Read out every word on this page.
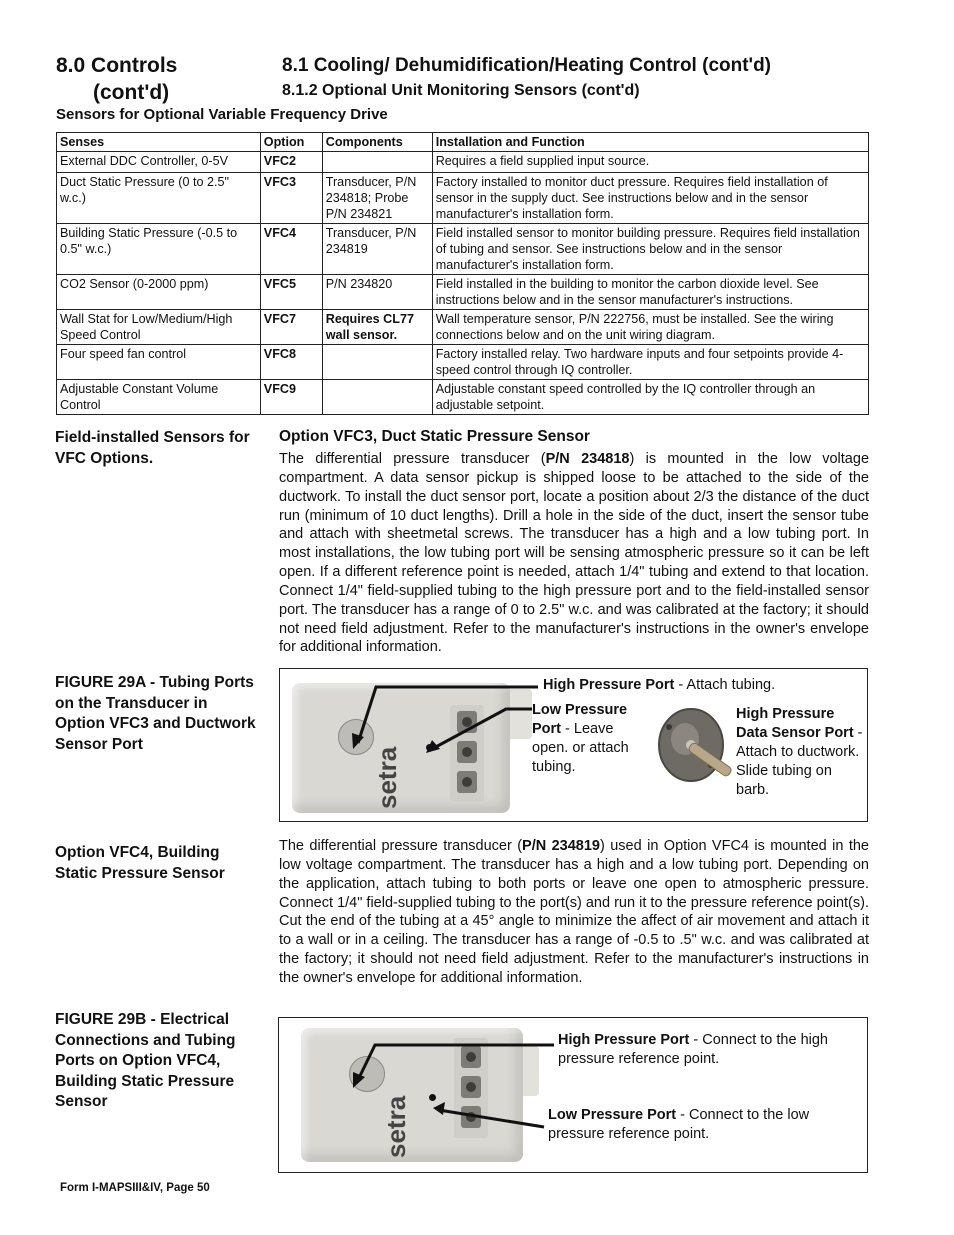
8.0 Controls
(cont'd)
8.1 Cooling/ Dehumidification/Heating Control (cont'd)
8.1.2 Optional Unit Monitoring Sensors (cont'd)
Sensors for Optional Variable Frequency Drive
Senses	Option	Components	Installation and Function
External DDC Controller, 0-5V	VFC2		Requires a field supplied input source.
Duct Static Pressure (0 to 2.5" w.c.)	VFC3	Transducer, P/N 234818; Probe P/N 234821	Factory installed to monitor duct pressure. Requires field installation of sensor in the supply duct. See instructions below and in the sensor manufacturer's installation form.
Building Static Pressure (-0.5 to 0.5" w.c.)	VFC4	Transducer, P/N 234819	Field installed sensor to monitor building pressure. Requires field installation of tubing and sensor. See instructions below and in the sensor manufacturer's installation form.
CO2 Sensor (0-2000 ppm)	VFC5	P/N 234820	Field installed in the building to monitor the carbon dioxide level. See instructions below and in the sensor manufacturer's instructions.
Wall Stat for Low/Medium/High Speed Control	VFC7	Requires CL77 wall sensor.	Wall temperature sensor, P/N 222756, must be installed. See the wiring connections below and on the unit wiring diagram.
Four speed fan control	VFC8		Factory installed relay. Two hardware inputs and four setpoints provide 4-speed control through IQ controller.
Adjustable Constant Volume Control	VFC9		Adjustable constant speed controlled by the IQ controller through an adjustable setpoint.
Field-installed Sensors for VFC Options.
FIGURE 29A - Tubing Ports on the Transducer in Option VFC3 and Ductwork Sensor Port
Option VFC4, Building Static Pressure Sensor
FIGURE 29B - Electrical Connections and Tubing Ports on Option VFC4, Building Static Pressure Sensor
Option VFC3, Duct Static Pressure Sensor
The differential pressure transducer (P/N 234818) is mounted in the low voltage compartment. A data sensor pickup is shipped loose to be attached to the side of the ductwork. To install the duct sensor port, locate a position about 2/3 the distance of the duct run (minimum of 10 duct lengths). Drill a hole in the side of the duct, insert the sensor tube and attach with sheetmetal screws. The transducer has a high and a low tubing port. In most installations, the low tubing port will be sensing atmospheric pressure so it can be left open. If a different reference point is needed, attach 1/4" tubing and extend to that location. Connect 1/4" field-supplied tubing to the high pressure port and to the field-installed sensor port. The transducer has a range of 0 to 2.5" w.c. and was calibrated at the factory; it should not need field adjustment. Refer to the manufacturer's instructions in the owner's envelope for additional information.
setra
High Pressure Port - Attach tubing.
Low Pressure Port - Leave open. or attach tubing.
High Pressure Data Sensor Port - Attach to ductwork. Slide tubing on barb.
The differential pressure transducer (P/N 234819) used in Option VFC4 is mounted in the low voltage compartment. The transducer has a high and a low tubing port. Depending on the application, attach tubing to both ports or leave one open to atmospheric pressure. Connect 1/4" field-supplied tubing to the port(s) and run it to the pressure reference point(s). Cut the end of the tubing at a 45° angle to minimize the affect of air movement and attach it to a wall or in a ceiling. The transducer has a range of -0.5 to .5" w.c. and was calibrated at the factory; it should not need field adjustment. Refer to the manufacturer's instructions in the owner's envelope for additional information.
setra
High Pressure Port - Connect to the high pressure reference point.
Low Pressure Port - Connect to the low pressure reference point.
Form I-MAPSIII&IV, Page 50
